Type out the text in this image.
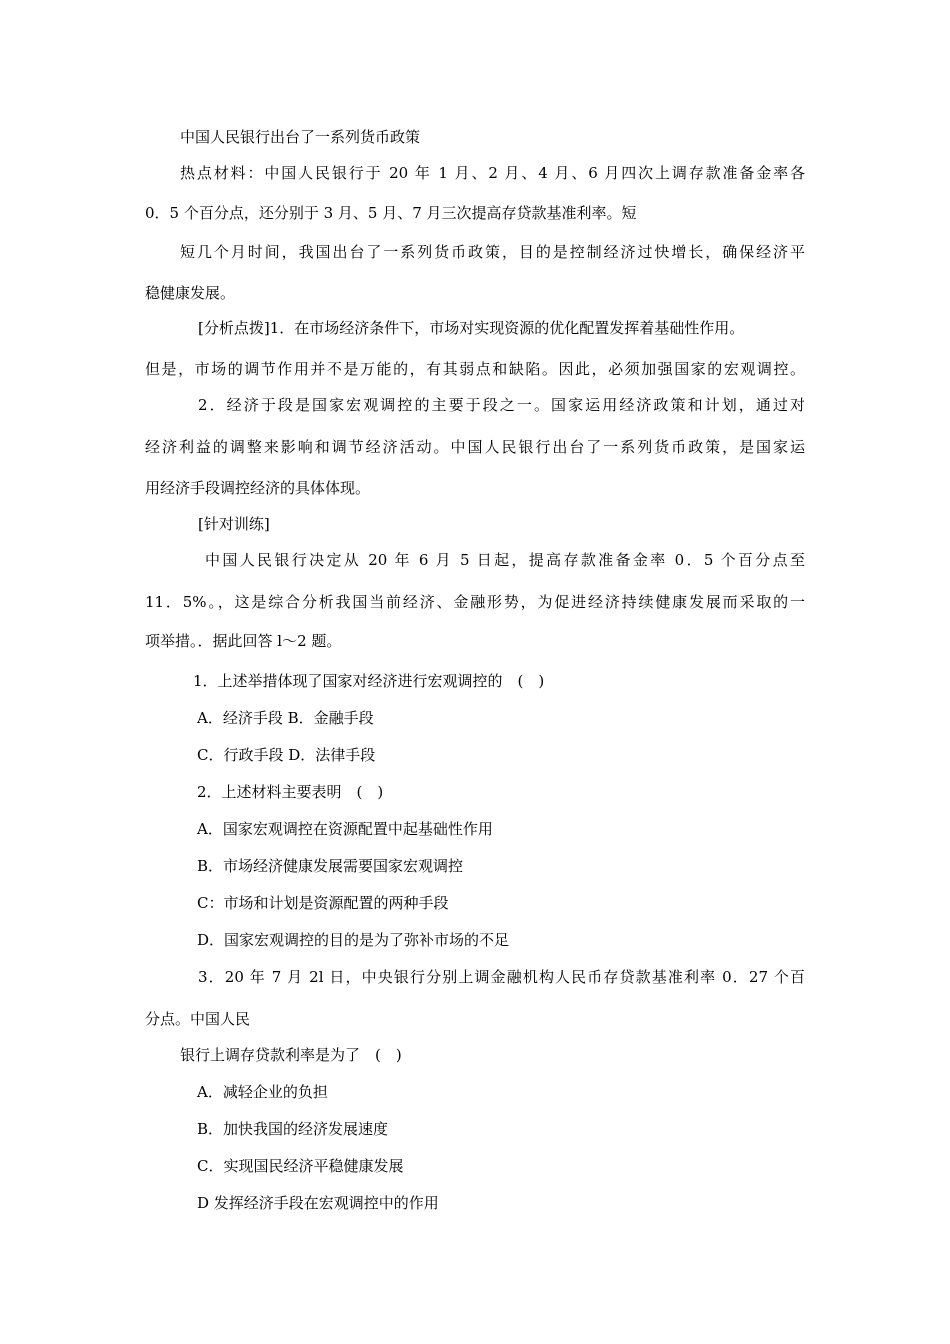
中国人民银行出台了一系列货币政策
热点材料：中国人民银行于 20 年 1 月、2 月、4 月、6 月四次上调存款准备金率各
0．5 个百分点，还分别于 3 月、5 月、7 月三次提高存贷款基准利率。短
短几个月时间，我国出台了一系列货币政策，目的是控制经济过快增长，确保经济平
稳健康发展。
[分析点拨]1．在市场经济条件下，市场对实现资源的优化配置发挥着基础性作用。
但是，市场的调节作用并不是万能的，有其弱点和缺陷。因此，必须加强国家的宏观调控。
2．经济于段是国家宏观调控的主要于段之一。国家运用经济政策和计划，通过对
经济利益的调整来影响和调节经济活动。中国人民银行出台了一系列货币政策，是国家运
用经济手段调控经济的具体体现。
[针对训练]
中国人民银行决定从 20 年 6 月 5 日起，提高存款准备金率 0．5 个百分点至
11．5%。，这是综合分析我国当前经济、金融形势，为促进经济持续健康发展而采取的一
项举措。．据此回答 l～2 题。
1．上述举措体现了国家对经济进行宏观调控的　(　)
A．经济手段 B．金融手段
C．行政手段 D．法律手段
2．上述材料主要表明　(　)
A．国家宏观调控在资源配置中起基础性作用
B．市场经济健康发展需要国家宏观调控
C：市场和计划是资源配置的两种手段
D．国家宏观调控的目的是为了弥补市场的不足
3．20 年 7 月 2l 日，中央银行分别上调金融机构人民币存贷款基准利率 0．27 个百
分点。中国人民
银行上调存贷款利率是为了　(　)
A．减轻企业的负担
B．加快我国的经济发展速度
C．实现国民经济平稳健康发展
D 发挥经济手段在宏观调控中的作用
